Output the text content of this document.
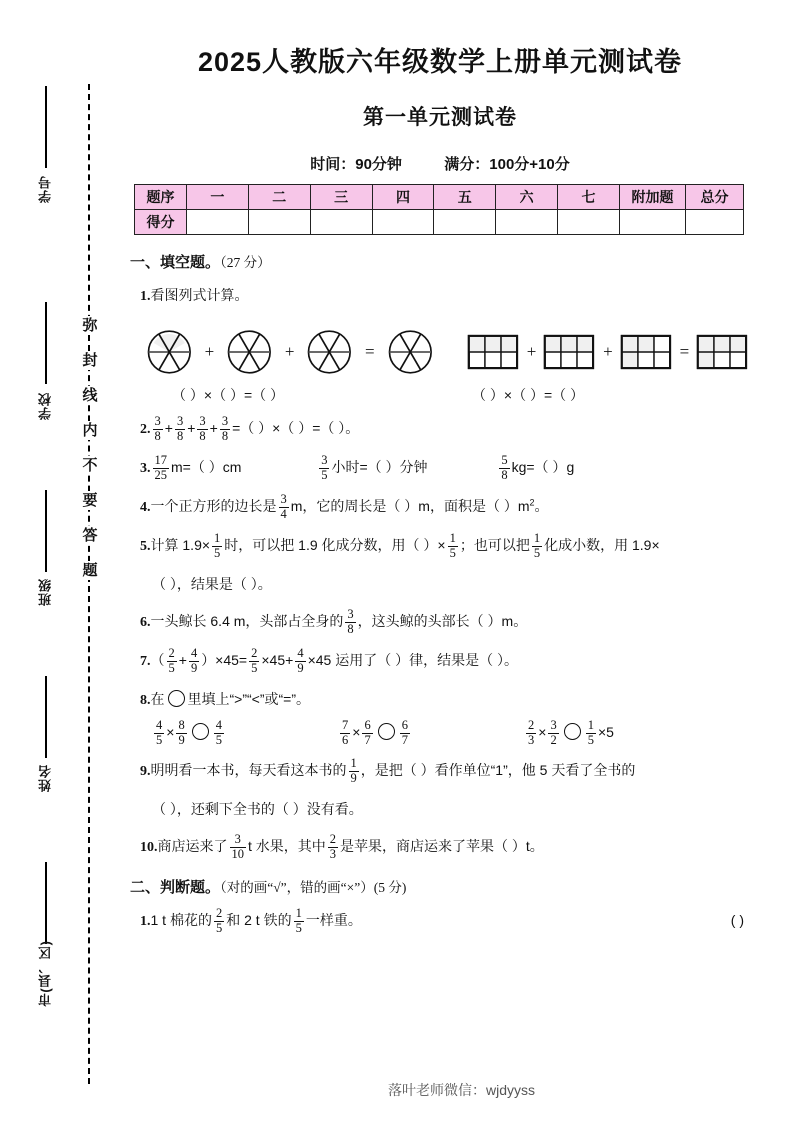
学号
学校
班级
姓名
市(县、区)
弥
封
线
内
不
要
答
题
2025人教版六年级数学上册单元测试卷
第一单元测试卷
时间：90分钟	满分：100分+10分
题序	一	二	三	四	五	六	七	附加题	总分
得分									
一、填空题。（27 分）
1.看图列式计算。
+	+	=	+	+	=
（ ）×（ ）=（ ）	（ ）×（ ）=（ ）
2. $\frac{3}{8} + \frac{3}{8} + \frac{3}{8} + \frac{3}{8}$ =（ ）×（ ）=（ ）。
3. $\frac{17}{25} m=$（ ）cm	$\frac{3}{5}$ 小时=（ ）分钟	$\frac{5}{8} kg=$（ ）g
4.一个正方形的边长是 $\frac{3}{4}$ m，它的周长是（ ）m，面积是（ ）$m^2$。
5.计算 $1.9\times \frac{1}{5}$ 时，可以把 1.9 化成分数，用（ ）× $\frac{1}{5}$ ；也可以把 $\frac{1}{5}$ 化成小数，用 1.9×
（ ），结果是（ ）。
6.一头鲸长 6.4 m，头部占全身的 $\frac{3}{8}$ ，这头鲸的头部长（ ）m。
$7.( \frac{2}{5} + \frac{4}{9} )\times 45= \frac{2}{5} \times 45+ \frac{4}{9} \times 45$ 运用了（ ）律，结果是（ ）。
8.在 里填上“>”“<”或“=”。
$\frac{4}{5} \times \frac{8}{9} \frac{4}{5}$	$\frac{7}{6} \times \frac{6}{7} \frac{6}{7}$	$\frac{2}{3} \times \frac{3}{2} \frac{1}{5} \times 5$
9.明明看一本书，每天看这本书的 $\frac{1}{9}$ ，是把（ ）看作单位“1”，他 5 天看了全书的
（ ），还剩下全书的（ ）没有看。
10.商店运来了 $\frac{3}{10}$ t 水果，其中 $\frac{2}{3}$ 是苹果，商店运来了苹果（ ）t。
二、判断题。（对的画“√”，错的画“×”）(5 分)
1.1 t 棉花的 $\frac{2}{5}$ 和 2 t 铁的 $\frac{1}{5}$ 一样重。	( )
落叶老师微信：wjdyyss
